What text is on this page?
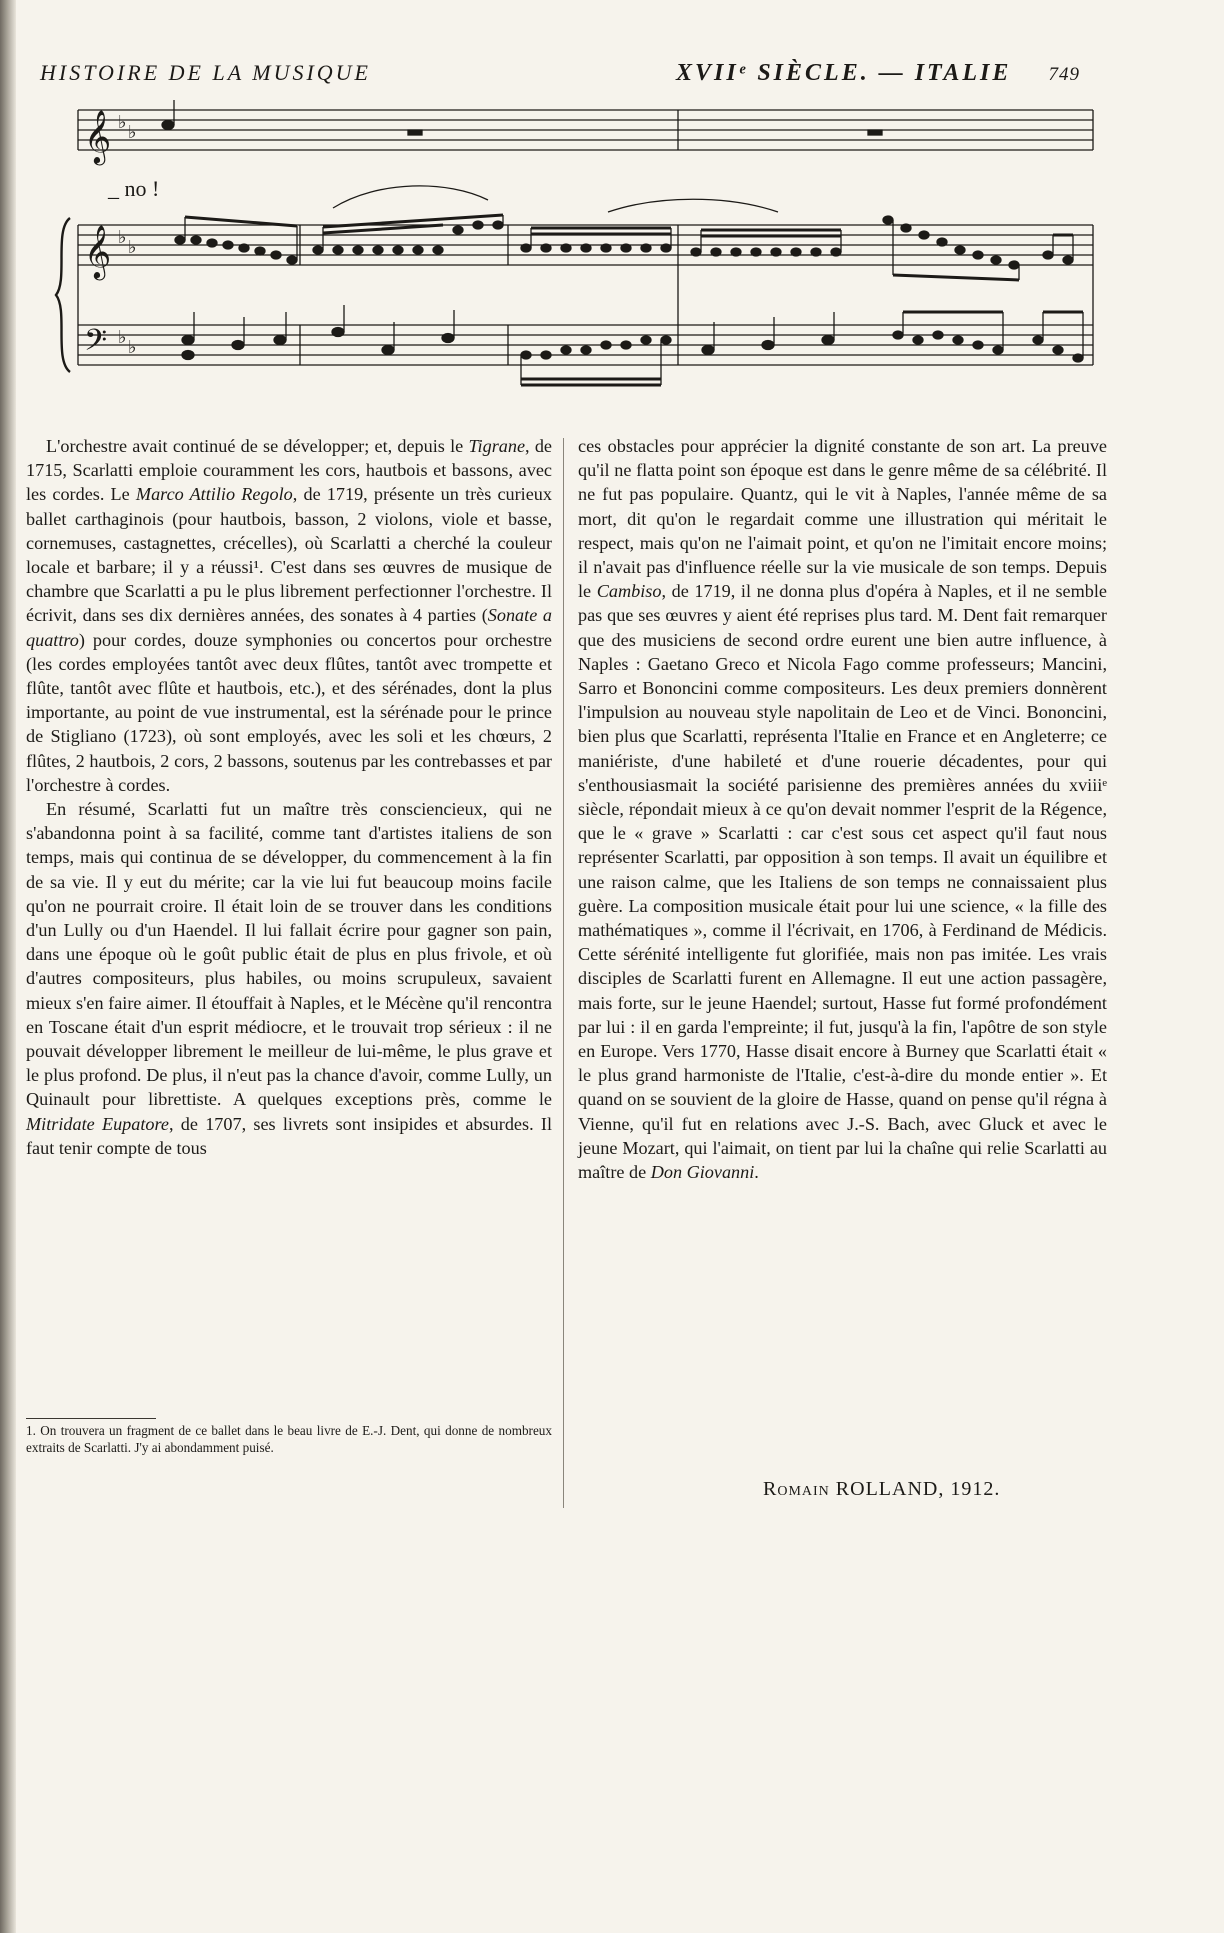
HISTOIRE DE LA MUSIQUE	XVIIᵉ SIÈCLE. — ITALIE 749
𝄞 ♭ ♭
𝄞 ♭ ♭
𝄢 ♭ ♭
_ no !

L'orchestre avait continué de se développer; et, depuis le Tigrane, de 1715, Scarlatti emploie couramment les cors, hautbois et bassons, avec les cordes. Le Marco Attilio Regolo, de 1719, présente un très curieux ballet carthaginois (pour hautbois, basson, 2 violons, viole et basse, cornemuses, castagnettes, crécelles), où Scarlatti a cherché la couleur locale et barbare; il y a réussi¹. C'est dans ses œuvres de musique de chambre que Scarlatti a pu le plus librement perfectionner l'orchestre. Il écrivit, dans ses dix dernières années, des sonates à 4 parties (Sonate a quattro) pour cordes, douze symphonies ou concertos pour orchestre (les cordes employées tantôt avec deux flûtes, tantôt avec trompette et flûte, tantôt avec flûte et hautbois, etc.), et des sérénades, dont la plus importante, au point de vue instrumental, est la sérénade pour le prince de Stigliano (1723), où sont employés, avec les soli et les chœurs, 2 flûtes, 2 hautbois, 2 cors, 2 bassons, soutenus par les contrebasses et par l'orchestre à cordes.

En résumé, Scarlatti fut un maître très consciencieux, qui ne s'abandonna point à sa facilité, comme tant d'artistes italiens de son temps, mais qui continua de se développer, du commencement à la fin de sa vie. Il y eut du mérite; car la vie lui fut beaucoup moins facile qu'on ne pourrait croire. Il était loin de se trouver dans les conditions d'un Lully ou d'un Haendel. Il lui fallait écrire pour gagner son pain, dans une époque où le goût public était de plus en plus frivole, et où d'autres compositeurs, plus habiles, ou moins scrupuleux, savaient mieux s'en faire aimer. Il étouffait à Naples, et le Mécène qu'il rencontra en Toscane était d'un esprit médiocre, et le trouvait trop sérieux : il ne pouvait développer librement le meilleur de lui-même, le plus grave et le plus profond. De plus, il n'eut pas la chance d'avoir, comme Lully, un Quinault pour librettiste. A quelques exceptions près, comme le Mitridate Eupatore, de 1707, ses livrets sont insipides et absurdes. Il faut tenir compte de tous

1. On trouvera un fragment de ce ballet dans le beau livre de E.-J. Dent, qui donne de nombreux extraits de Scarlatti. J'y ai abondamment puisé.

ces obstacles pour apprécier la dignité constante de son art. La preuve qu'il ne flatta point son époque est dans le genre même de sa célébrité. Il ne fut pas populaire. Quantz, qui le vit à Naples, l'année même de sa mort, dit qu'on le regardait comme une illustration qui méritait le respect, mais qu'on ne l'aimait point, et qu'on ne l'imitait encore moins; il n'avait pas d'influence réelle sur la vie musicale de son temps. Depuis le Cambiso, de 1719, il ne donna plus d'opéra à Naples, et il ne semble pas que ses œuvres y aient été reprises plus tard. M. Dent fait remarquer que des musiciens de second ordre eurent une bien autre influence, à Naples : Gaetano Greco et Nicola Fago comme professeurs; Mancini, Sarro et Bononcini comme compositeurs. Les deux premiers donnèrent l'impulsion au nouveau style napolitain de Leo et de Vinci. Bononcini, bien plus que Scarlatti, représenta l'Italie en France et en Angleterre; ce maniériste, d'une habileté et d'une rouerie décadentes, pour qui s'enthousiasmait la société parisienne des premières années du xviiiᵉ siècle, répondait mieux à ce qu'on devait nommer l'esprit de la Régence, que le « grave » Scarlatti : car c'est sous cet aspect qu'il faut nous représenter Scarlatti, par opposition à son temps. Il avait un équilibre et une raison calme, que les Italiens de son temps ne connaissaient plus guère. La composition musicale était pour lui une science, « la fille des mathématiques », comme il l'écrivait, en 1706, à Ferdinand de Médicis. Cette sérénité intelligente fut glorifiée, mais non pas imitée. Les vrais disciples de Scarlatti furent en Allemagne. Il eut une action passagère, mais forte, sur le jeune Haendel; surtout, Hasse fut formé profondément par lui : il en garda l'empreinte; il fut, jusqu'à la fin, l'apôtre de son style en Europe. Vers 1770, Hasse disait encore à Burney que Scarlatti était « le plus grand harmoniste de l'Italie, c'est-à-dire du monde entier ». Et quand on se souvient de la gloire de Hasse, quand on pense qu'il régna à Vienne, qu'il fut en relations avec J.-S. Bach, avec Gluck et avec le jeune Mozart, qui l'aimait, on tient par lui la chaîne qui relie Scarlatti au maître de Don Giovanni.

Romain ROLLAND, 1912.
